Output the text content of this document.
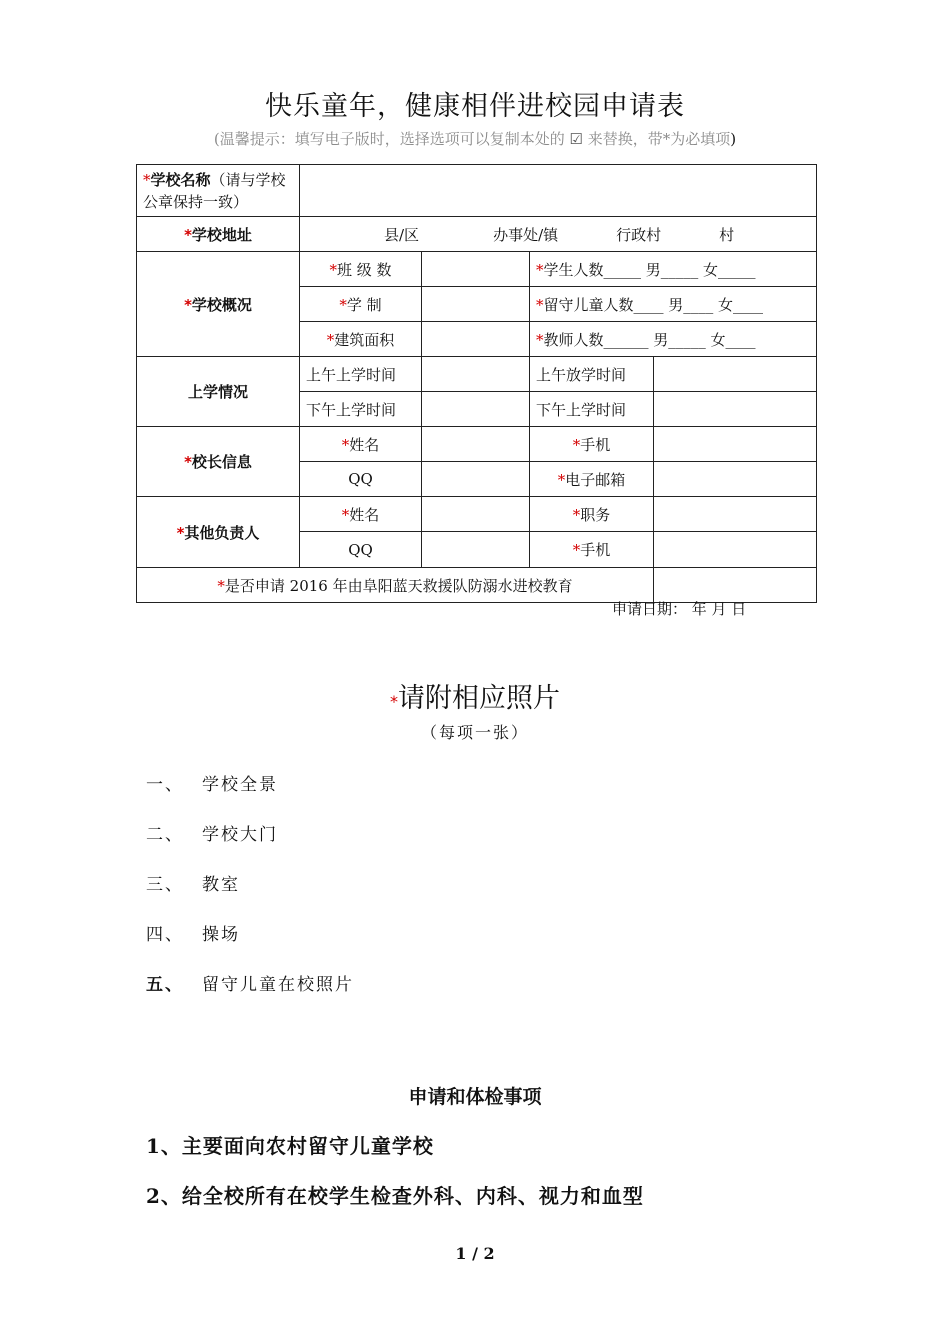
快乐童年，健康相伴进校园申请表
(温馨提示：填写电子版时，选择选项可以复制本处的 ☑ 来替换，带*为必填项)
*学校名称（请与学校公章保持一致）				
*学校地址	县/区 办事处/镇 行政村 村			
*学校概况	*班 级 数		*学生人数_____ 男_____ 女_____	
	*学 制		*留守儿童人数____ 男____ 女____	
	*建筑面积		*教师人数______ 男_____ 女____	
上学情况	上午上学时间		上午放学时间	
	下午上学时间		下午上学时间	
*校长信息	*姓名		*手机	
	QQ		*电子邮箱	
*其他负责人	*姓名		*职务	
	QQ		*手机	
*是否申请 2016 年由阜阳蓝天救援队防溺水进校教育				
申请日期： 年 月 日
*请附相应照片
（每项一张）
一、 学校全景
二、 学校大门
三、 教室
四、 操场
五、 留守儿童在校照片
申请和体检事项
1、主要面向农村留守儿童学校
2、给全校所有在校学生检查外科、内科、视力和血型
1 / 2
